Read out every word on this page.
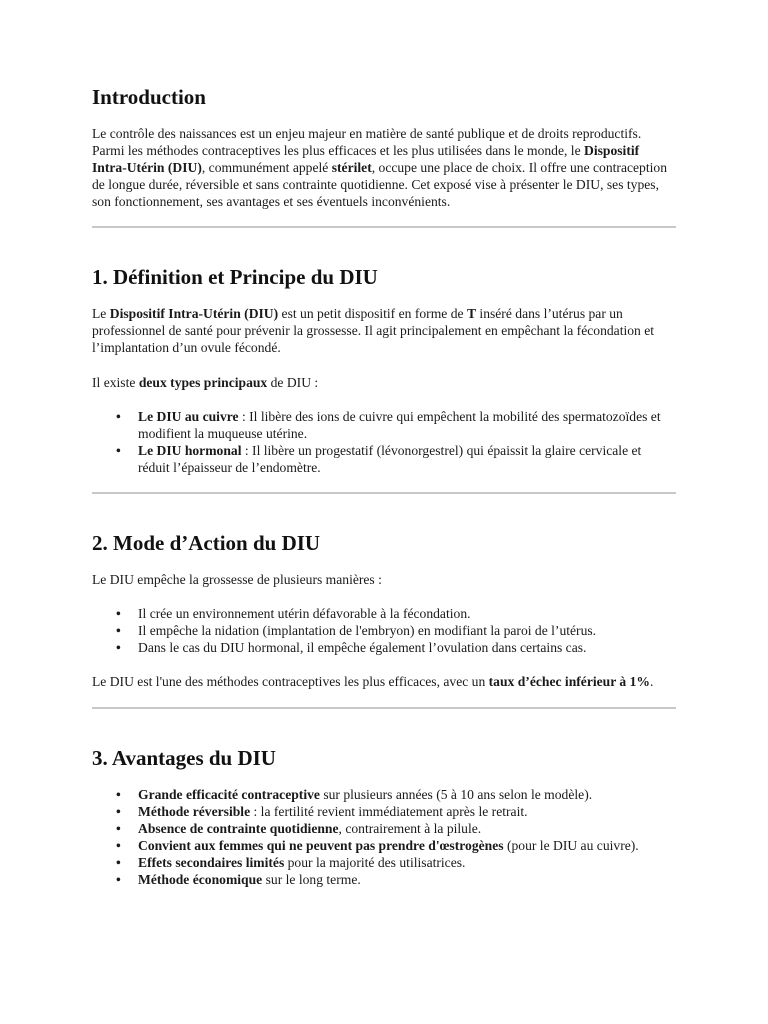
Introduction

Le contrôle des naissances est un enjeu majeur en matière de santé publique et de droits reproductifs. Parmi les méthodes contraceptives les plus efficaces et les plus utilisées dans le monde, le Dispositif Intra-Utérin (DIU), communément appelé stérilet, occupe une place de choix. Il offre une contraception de longue durée, réversible et sans contrainte quotidienne. Cet exposé vise à présenter le DIU, ses types, son fonctionnement, ses avantages et ses éventuels inconvénients.

1. Définition et Principe du DIU

Le Dispositif Intra-Utérin (DIU) est un petit dispositif en forme de T inséré dans l’utérus par un professionnel de santé pour prévenir la grossesse. Il agit principalement en empêchant la fécondation et l’implantation d’un ovule fécondé.

Il existe deux types principaux de DIU :

• Le DIU au cuivre : Il libère des ions de cuivre qui empêchent la mobilité des spermatozoïdes et modifient la muqueuse utérine.
• Le DIU hormonal : Il libère un progestatif (lévonorgestrel) qui épaissit la glaire cervicale et réduit l’épaisseur de l’endomètre.
2. Mode d’Action du DIU

Le DIU empêche la grossesse de plusieurs manières :

• Il crée un environnement utérin défavorable à la fécondation.
• Il empêche la nidation (implantation de l'embryon) en modifiant la paroi de l’utérus.
• Dans le cas du DIU hormonal, il empêche également l’ovulation dans certains cas.

Le DIU est l'une des méthodes contraceptives les plus efficaces, avec un taux d’échec inférieur à 1%.

3. Avantages du DIU
• Grande efficacité contraceptive sur plusieurs années (5 à 10 ans selon le modèle).
• Méthode réversible : la fertilité revient immédiatement après le retrait.
• Absence de contrainte quotidienne, contrairement à la pilule.
• Convient aux femmes qui ne peuvent pas prendre d'œstrogènes (pour le DIU au cuivre).
• Effets secondaires limités pour la majorité des utilisatrices.
• Méthode économique sur le long terme.
